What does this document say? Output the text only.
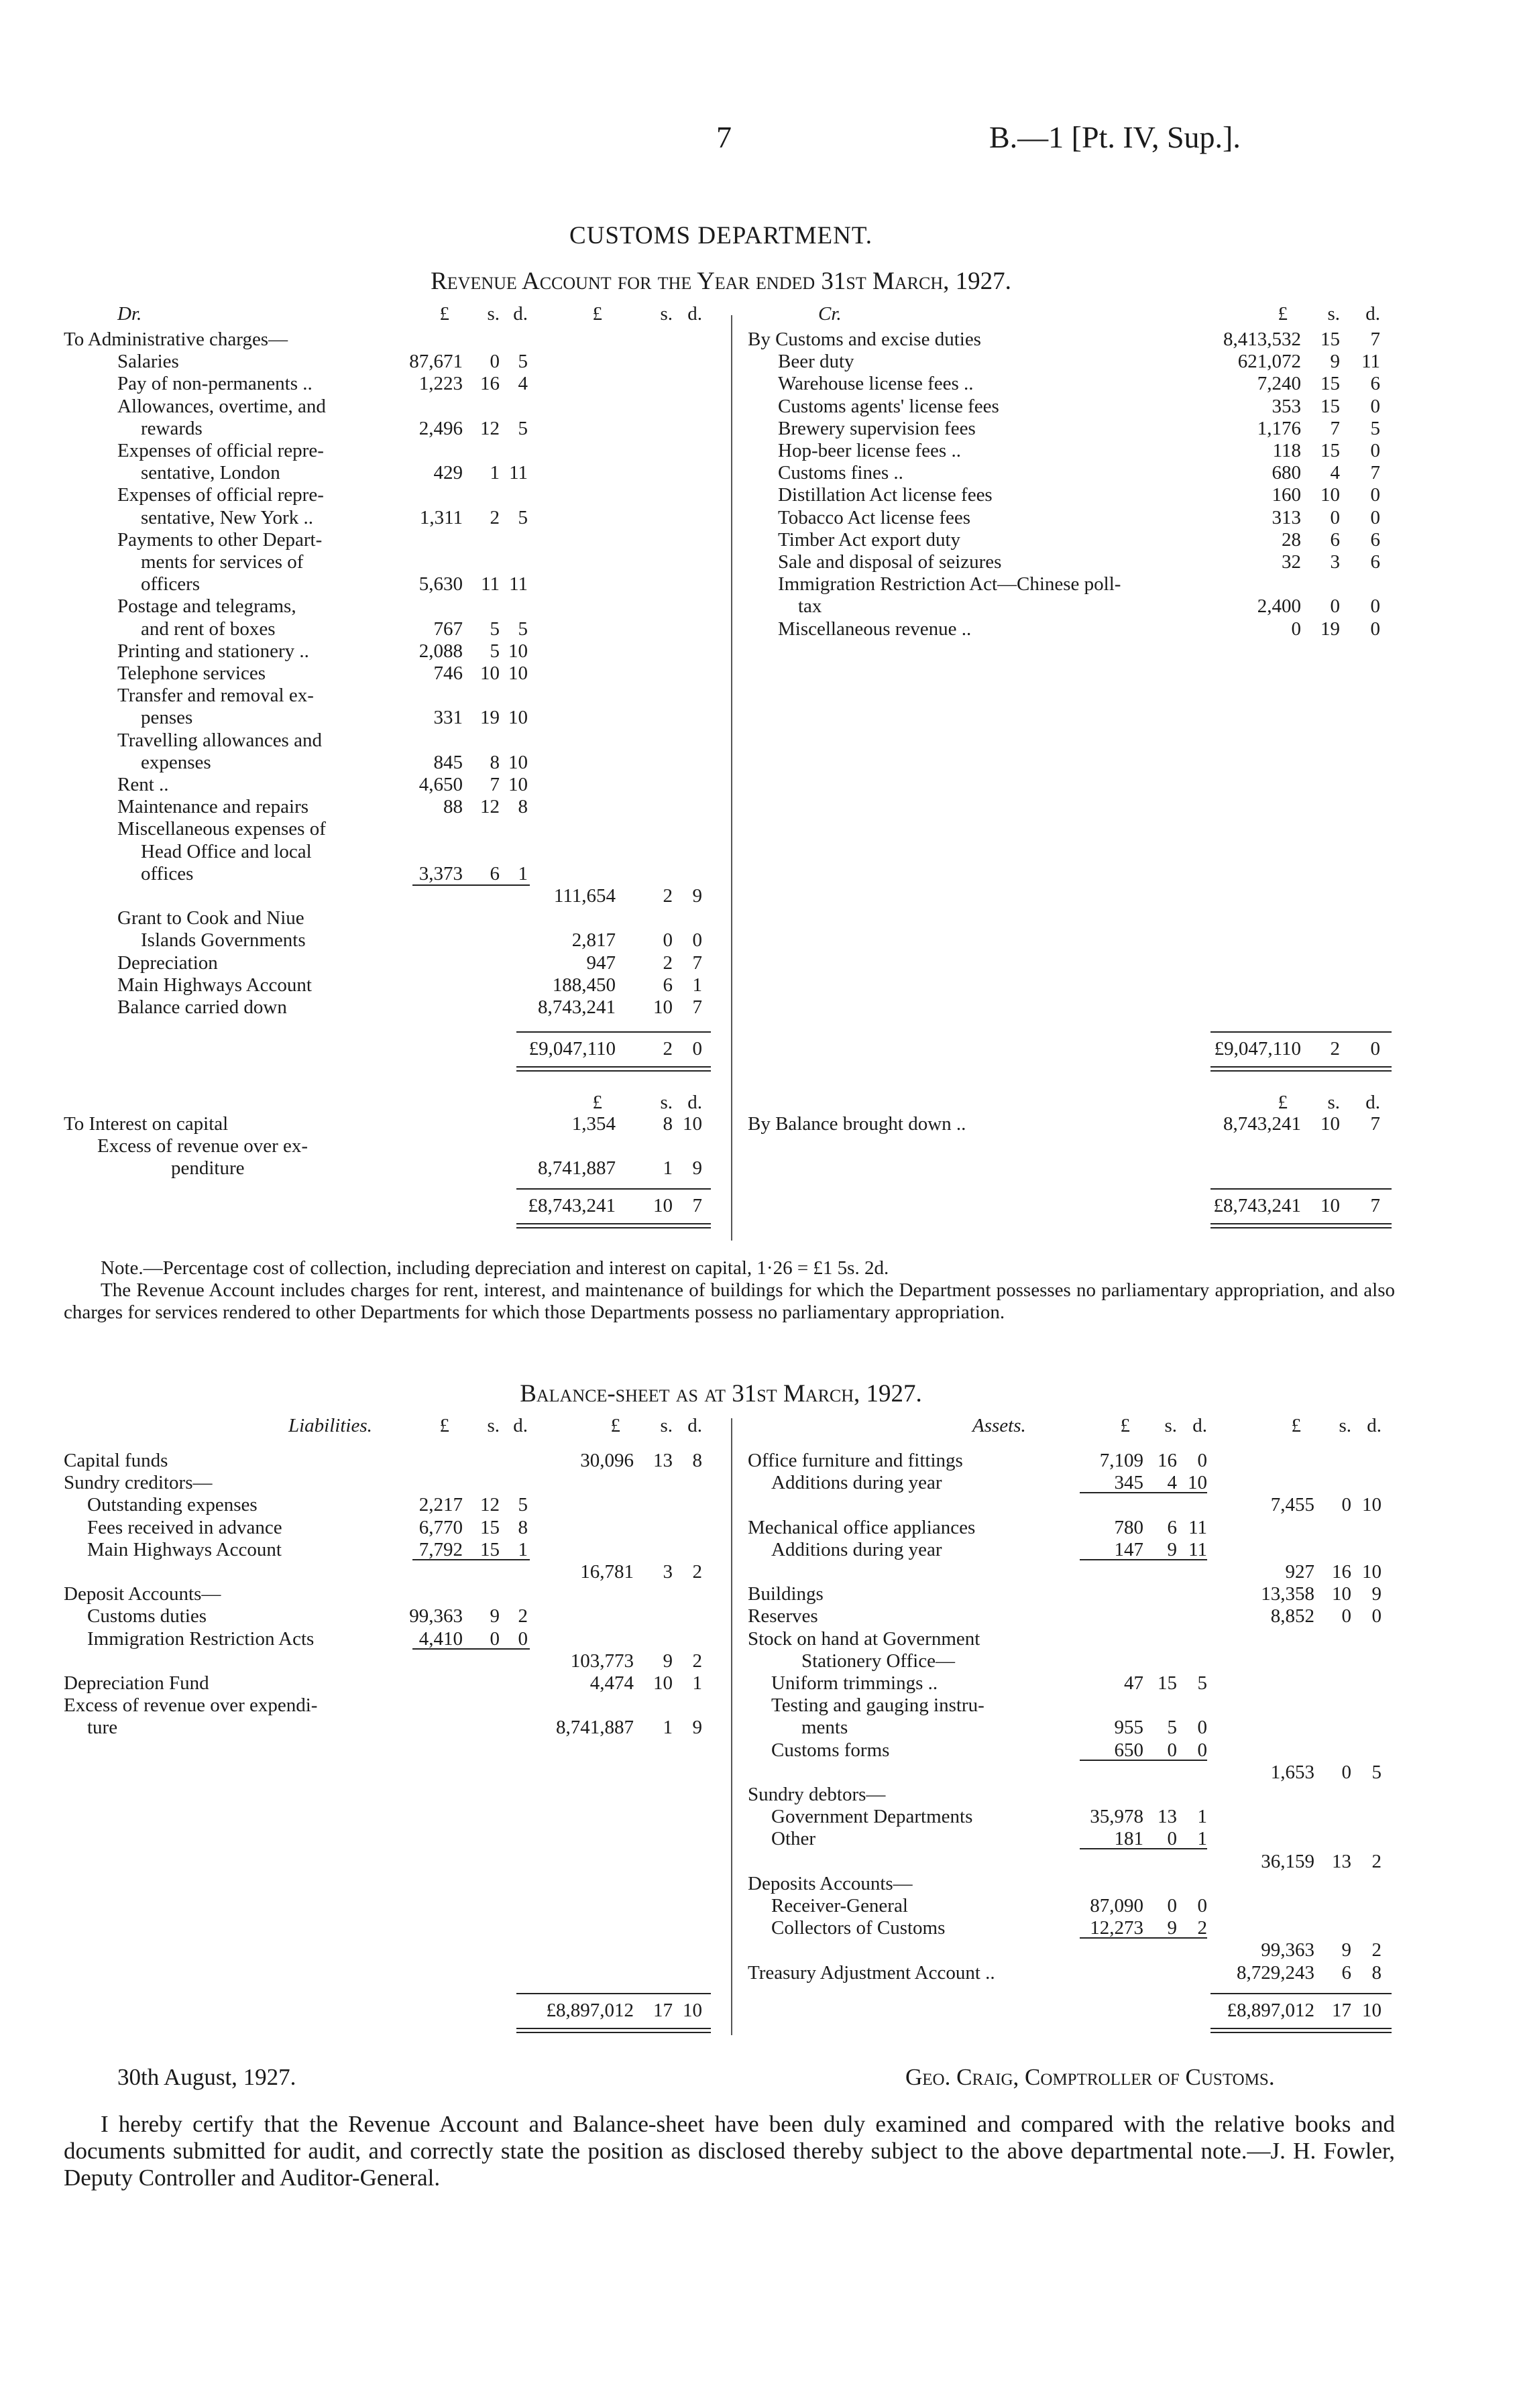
7	B.—1 [Pt. IV, Sup.].
CUSTOMS DEPARTMENT.
Revenue Account for the Year ended 31st March, 1927.
Dr.	Cr.
£ s. d.	£	s. d.	£ s. d.
To Administrative charges—
Salaries	87,671 0 5
Pay of non-permanents ..	1,223 16 4
Allowances, overtime, and
rewards	2,496 12 5
Expenses of official repre-
sentative, London	429 1 11
Expenses of official repre-
sentative, New York ..	1,311 2 5
Payments to other Depart-
ments for services of
officers	5,630 11 11
Postage and telegrams,
and rent of boxes	767 5 5
Printing and stationery ..	2,088 5 10
Telephone services	746 10 10
Transfer and removal ex-
penses	331 19 10
Travelling allowances and
expenses	845 8 10
Rent ..	4,650 7 10
Maintenance and repairs	88 12 8
Miscellaneous expenses of
Head Office and local
offices	3,373 6 1
111,654 2 9
Grant to Cook and Niue
Islands Governments	2,817 0 0
Depreciation	947 2 7
Main Highways Account	188,450 6 1
Balance carried down	8,743,241 10 7
By Customs and excise duties	8,413,532 15 7
Beer duty	621,072 9 11
Warehouse license fees ..	7,240 15 6
Customs agents' license fees	353 15 0
Brewery supervision fees	1,176 7 5
Hop-beer license fees ..	118 15 0
Customs fines ..	680 4 7
Distillation Act license fees	160 10 0
Tobacco Act license fees	313 0 0
Timber Act export duty	28 6 6
Sale and disposal of seizures	32 3 6
Immigration Restriction Act—Chinese poll-
tax	2,400 0 0
Miscellaneous revenue ..	0 19 0
£9,047,110 2 0	£9,047,110 2 0
£	s. d.	£ s. d.
To Interest on capital	1,354 8 10
Excess of revenue over ex-
penditure	8,741,887 1 9
By Balance brought down ..	8,743,241 10 7
£8,743,241 10 7	£8,743,241 10 7
Note.—Percentage cost of collection, including depreciation and interest on capital, 1·26 = £1 5s. 2d.
The Revenue Account includes charges for rent, interest, and maintenance of buildings for which the Department possesses no parliamentary appropriation, and also charges for services rendered to other Departments for which those Departments possess no parliamentary appropriation.
Balance-sheet as at 31st March, 1927.
Liabilities.	Assets.
£ s. d.	£ s. d.	£ s. d.	£ s. d.
Capital funds	30,096 13 8
Sundry creditors—
Outstanding expenses	2,217 12 5
Fees received in advance	6,770 15 8
Main Highways Account	7,792 15 1
16,781 3 2
Deposit Accounts—
Customs duties	99,363 9 2
Immigration Restriction Acts	4,410 0 0
103,773 9 2
Depreciation Fund	4,474 10 1
Excess of revenue over expendi-
ture	8,741,887 1 9
Office furniture and fittings	7,109 16 0
Additions during year	345 4 10
7,455 0 10
Mechanical office appliances	780 6 11
Additions during year	147 9 11
927 16 10
Buildings	13,358 10 9
Reserves	8,852 0 0
Stock on hand at Government
Stationery Office—
Uniform trimmings ..	47 15 5
Testing and gauging instru-
ments	955 5 0
Customs forms	650 0 0
1,653 0 5
Sundry debtors—
Government Departments	35,978 13 1
Other	181 0 1
36,159 13 2
Deposits Accounts—
Receiver-General	87,090 0 0
Collectors of Customs	12,273 9 2
99,363 9 2
Treasury Adjustment Account ..	8,729,243 6 8
£8,897,012 17 10	£8,897,012 17 10
30th August, 1927.	Geo. Craig, Comptroller of Customs.
I hereby certify that the Revenue Account and Balance-sheet have been duly examined and compared with the relative books and documents submitted for audit, and correctly state the position as disclosed thereby subject to the above departmental note.—J. H. Fowler, Deputy Controller and Auditor-General.
